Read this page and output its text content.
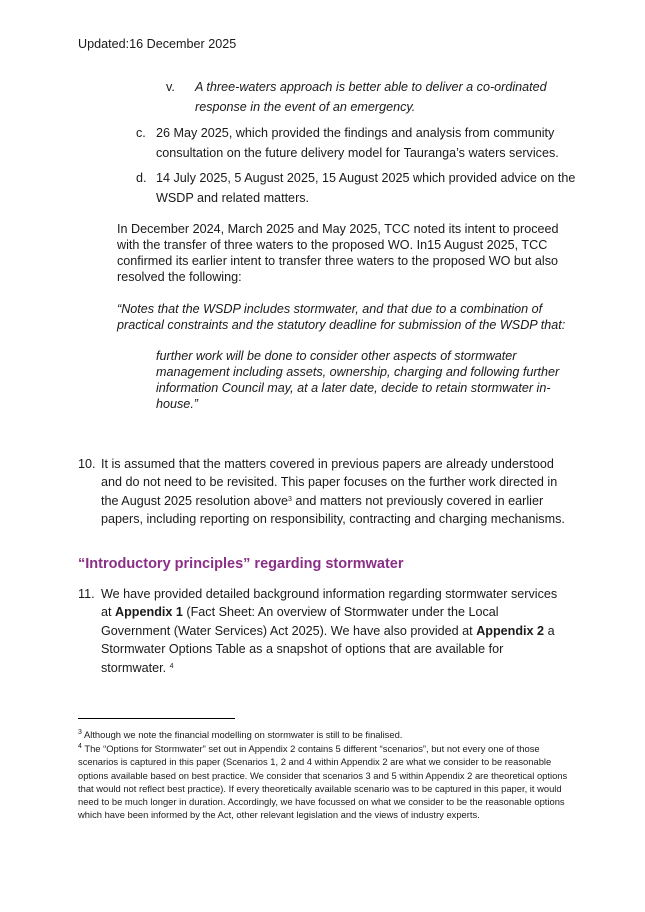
Updated:16 December 2025
v. A three-waters approach is better able to deliver a co-ordinated response in the event of an emergency.
c. 26 May 2025, which provided the findings and analysis from community consultation on the future delivery model for Tauranga’s waters services.
d. 14 July 2025, 5 August 2025, 15 August 2025 which provided advice on the WSDP and related matters.
In December 2024, March 2025 and May 2025, TCC noted its intent to proceed with the transfer of three waters to the proposed WO. In15 August 2025, TCC confirmed its earlier intent to transfer three waters to the proposed WO but also resolved the following:
“Notes that the WSDP includes stormwater, and that due to a combination of practical constraints and the statutory deadline for submission of the WSDP that:
further work will be done to consider other aspects of stormwater management including assets, ownership, charging and following further information Council may, at a later date, decide to retain stormwater in-house.”
10. It is assumed that the matters covered in previous papers are already understood and do not need to be revisited. This paper focuses on the further work directed in the August 2025 resolution above$^3$ and matters not previously covered in earlier papers, including reporting on responsibility, contracting and charging mechanisms.
“Introductory principles” regarding stormwater
11. We have provided detailed background information regarding stormwater services at Appendix 1 (Fact Sheet: An overview of Stormwater under the Local Government (Water Services) Act 2025). We have also provided at Appendix 2 a Stormwater Options Table as a snapshot of options that are available for stormwater. $^4$
$^3$ Although we note the financial modelling on stormwater is still to be finalised.
$^4$ The “Options for Stormwater” set out in Appendix 2 contains 5 different “scenarios”, but not every one of those scenarios is captured in this paper (Scenarios 1, 2 and 4 within Appendix 2 are what we consider to be reasonable options available based on best practice. We consider that scenarios 3 and 5 within Appendix 2 are theoretical options that would not reflect best practice). If every theoretically available scenario was to be captured in this paper, it would need to be much longer in duration. Accordingly, we have focussed on what we consider to be the reasonable options which have been informed by the Act, other relevant legislation and the views of industry experts.
